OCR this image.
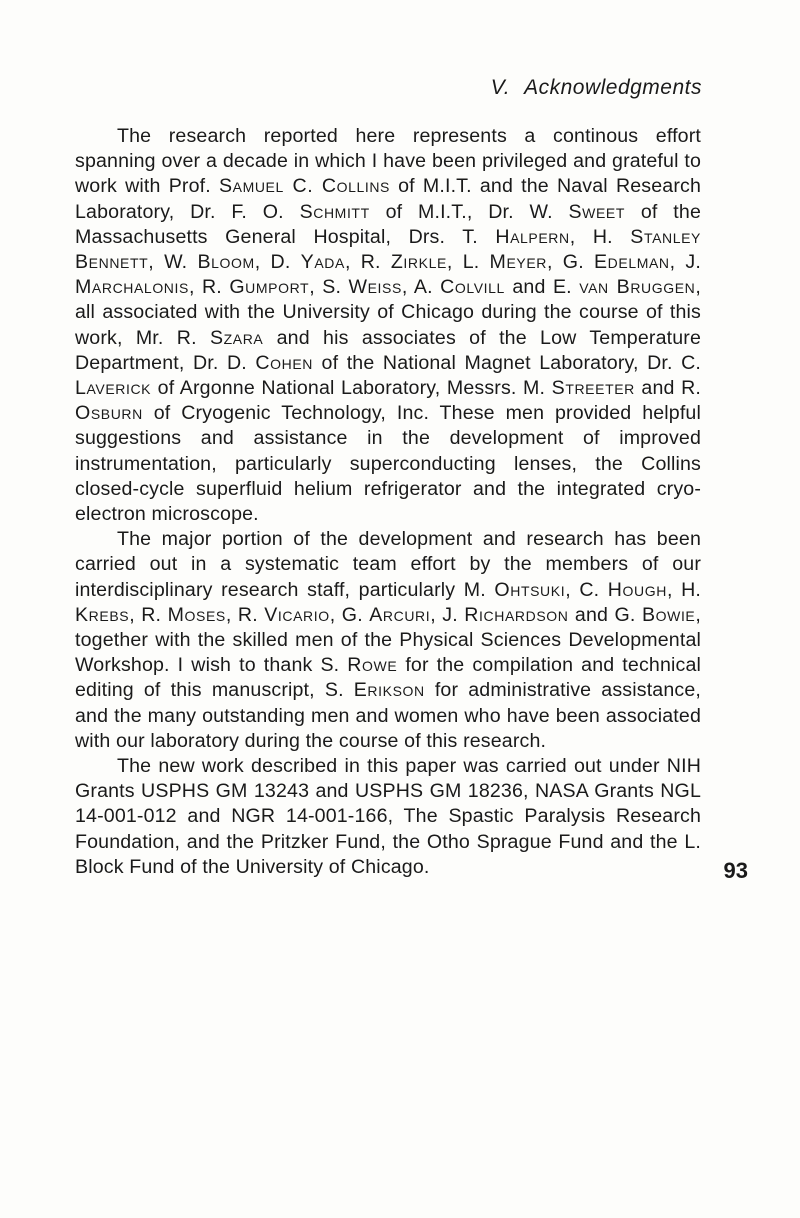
V. Acknowledgments

The research reported here represents a continous effort spanning over a decade in which I have been privileged and grateful to work with Prof. Samuel C. Collins of M.I.T. and the Naval Research Laboratory, Dr. F. O. Schmitt of M.I.T., Dr. W. Sweet of the Massachusetts General Hospital, Drs. T. Halpern, H. Stanley Bennett, W. Bloom, D. Yada, R. Zirkle, L. Meyer, G. Edelman, J. Marchalonis, R. Gumport, S. Weiss, A. Colvill and E. van Bruggen, all associated with the University of Chicago during the course of this work, Mr. R. Szara and his associates of the Low Temperature Department, Dr. D. Cohen of the National Magnet Laboratory, Dr. C. Laverick of Argonne National Laboratory, Messrs. M. Streeter and R. Osburn of Cryogenic Technology, Inc. These men provided helpful suggestions and assistance in the development of improved instrumentation, particularly superconducting lenses, the Collins closed-cycle superfluid helium refrigerator and the integrated cryo-electron microscope.

The major portion of the development and research has been carried out in a systematic team effort by the members of our interdisciplinary research staff, particularly M. Ohtsuki, C. Hough, H. Krebs, R. Moses, R. Vicario, G. Arcuri, J. Richardson and G. Bowie, together with the skilled men of the Physical Sciences Developmental Workshop. I wish to thank S. Rowe for the compilation and technical editing of this manuscript, S. Erikson for administrative assistance, and the many outstanding men and women who have been associated with our laboratory during the course of this research.

The new work described in this paper was carried out under NIH Grants USPHS GM 13243 and USPHS GM 18236, NASA Grants NGL 14-001-012 and NGR 14-001-166, The Spastic Paralysis Research Foundation, and the Pritzker Fund, the Otho Sprague Fund and the L. Block Fund of the University of Chicago.	93
